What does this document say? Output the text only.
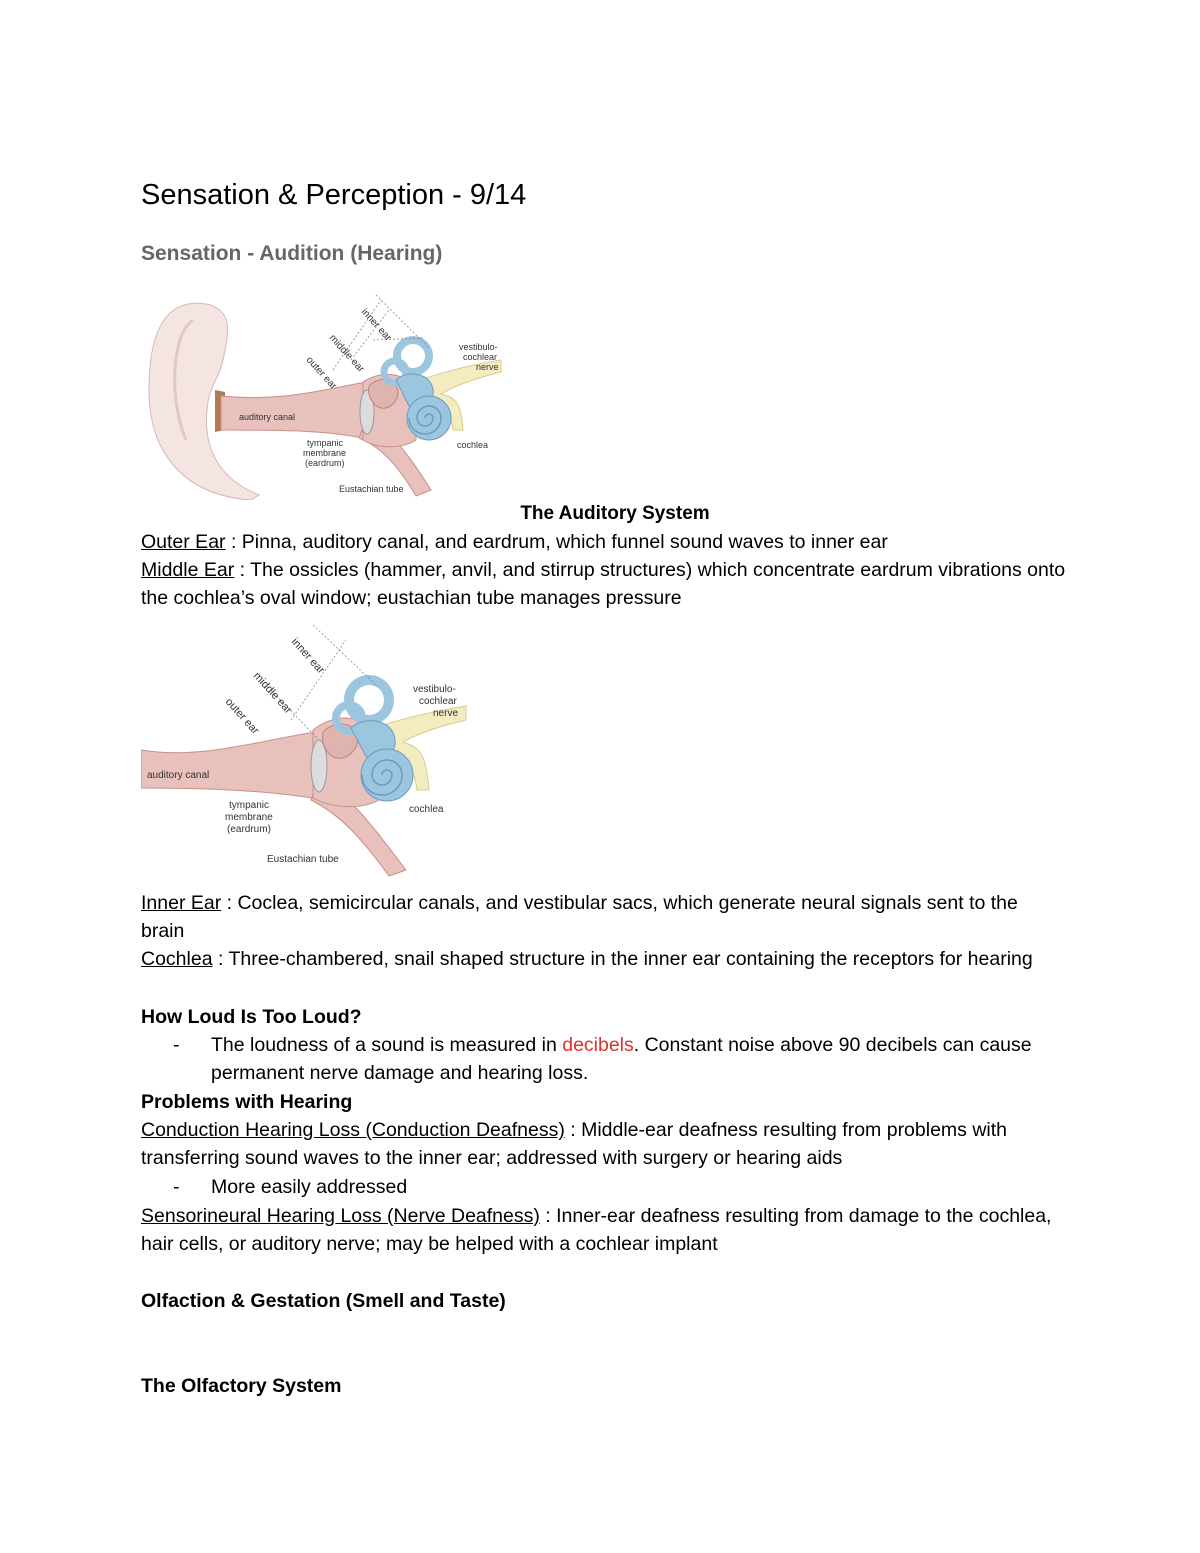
Sensation & Perception - 9/14
Sensation - Audition (Hearing)
inner ear
middle ear
outer ear
vestibulo-
cochlear
nerve
auditory canal
cochlea
tympanic
membrane
(eardrum)
Eustachian tube
The Auditory System
Outer Ear : Pinna, auditory canal, and eardrum, which funnel sound waves to inner ear
Middle Ear : The ossicles (hammer, anvil, and stirrup structures) which concentrate eardrum vibrations onto the cochlea’s oval window; eustachian tube manages pressure
inner ear
middle ear
outer ear
vestibulo-
cochlear
nerve
auditory canal
cochlea
tympanic
membrane
(eardrum)
Eustachian tube
Inner Ear : Coclea, semicircular canals, and vestibular sacs, which generate neural signals sent to the brain
Cochlea : Three-chambered, snail shaped structure in the inner ear containing the receptors for hearing
How Loud Is Too Loud?
- The loudness of a sound is measured in decibels. Constant noise above 90 decibels can cause permanent nerve damage and hearing loss.
Problems with Hearing
Conduction Hearing Loss (Conduction Deafness) : Middle-ear deafness resulting from problems with transferring sound waves to the inner ear; addressed with surgery or hearing aids
- More easily addressed
Sensorineural Hearing Loss (Nerve Deafness) : Inner-ear deafness resulting from damage to the cochlea, hair cells, or auditory nerve; may be helped with a cochlear implant
Olfaction & Gestation (Smell and Taste)
The Olfactory System
